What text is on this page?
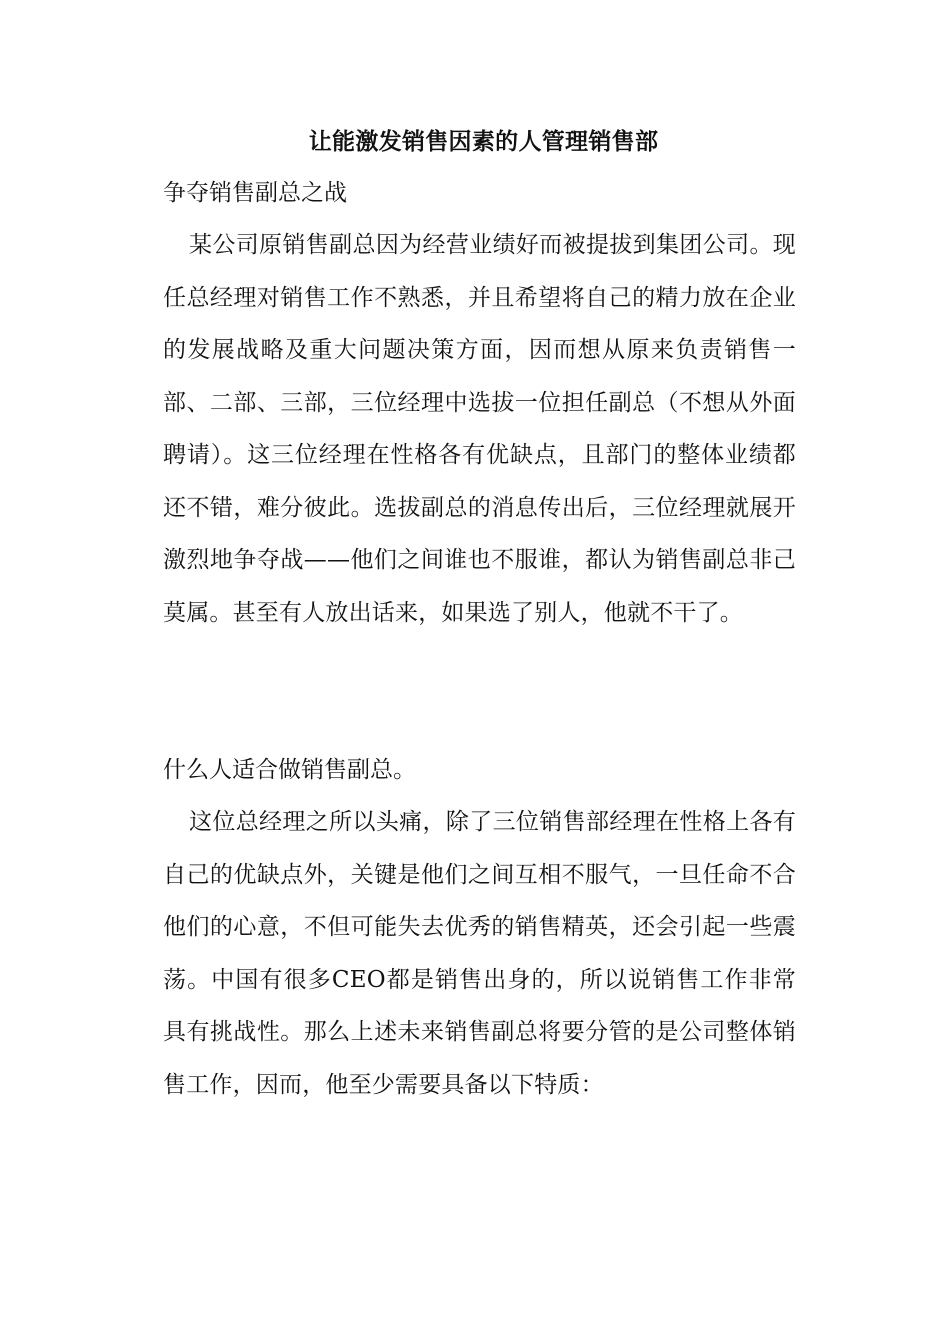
让能激发销售因素的人管理销售部
争夺销售副总之战

某公司原销售副总因为经营业绩好而被提拔到集团公司。现任总经理对销售工作不熟悉，并且希望将自己的精力放在企业的发展战略及重大问题决策方面，因而想从原来负责销售一部、二部、三部，三位经理中选拔一位担任副总（不想从外面聘请）。这三位经理在性格各有优缺点，且部门的整体业绩都还不错，难分彼此。选拔副总的消息传出后，三位经理就展开激烈地争夺战——他们之间谁也不服谁，都认为销售副总非己莫属。甚至有人放出话来，如果选了别人，他就不干了。

什么人适合做销售副总。

这位总经理之所以头痛，除了三位销售部经理在性格上各有自己的优缺点外，关键是他们之间互相不服气，一旦任命不合他们的心意，不但可能失去优秀的销售精英，还会引起一些震荡。中国有很多CEO都是销售出身的，所以说销售工作非常具有挑战性。那么上述未来销售副总将要分管的是公司整体销售工作，因而，他至少需要具备以下特质：
